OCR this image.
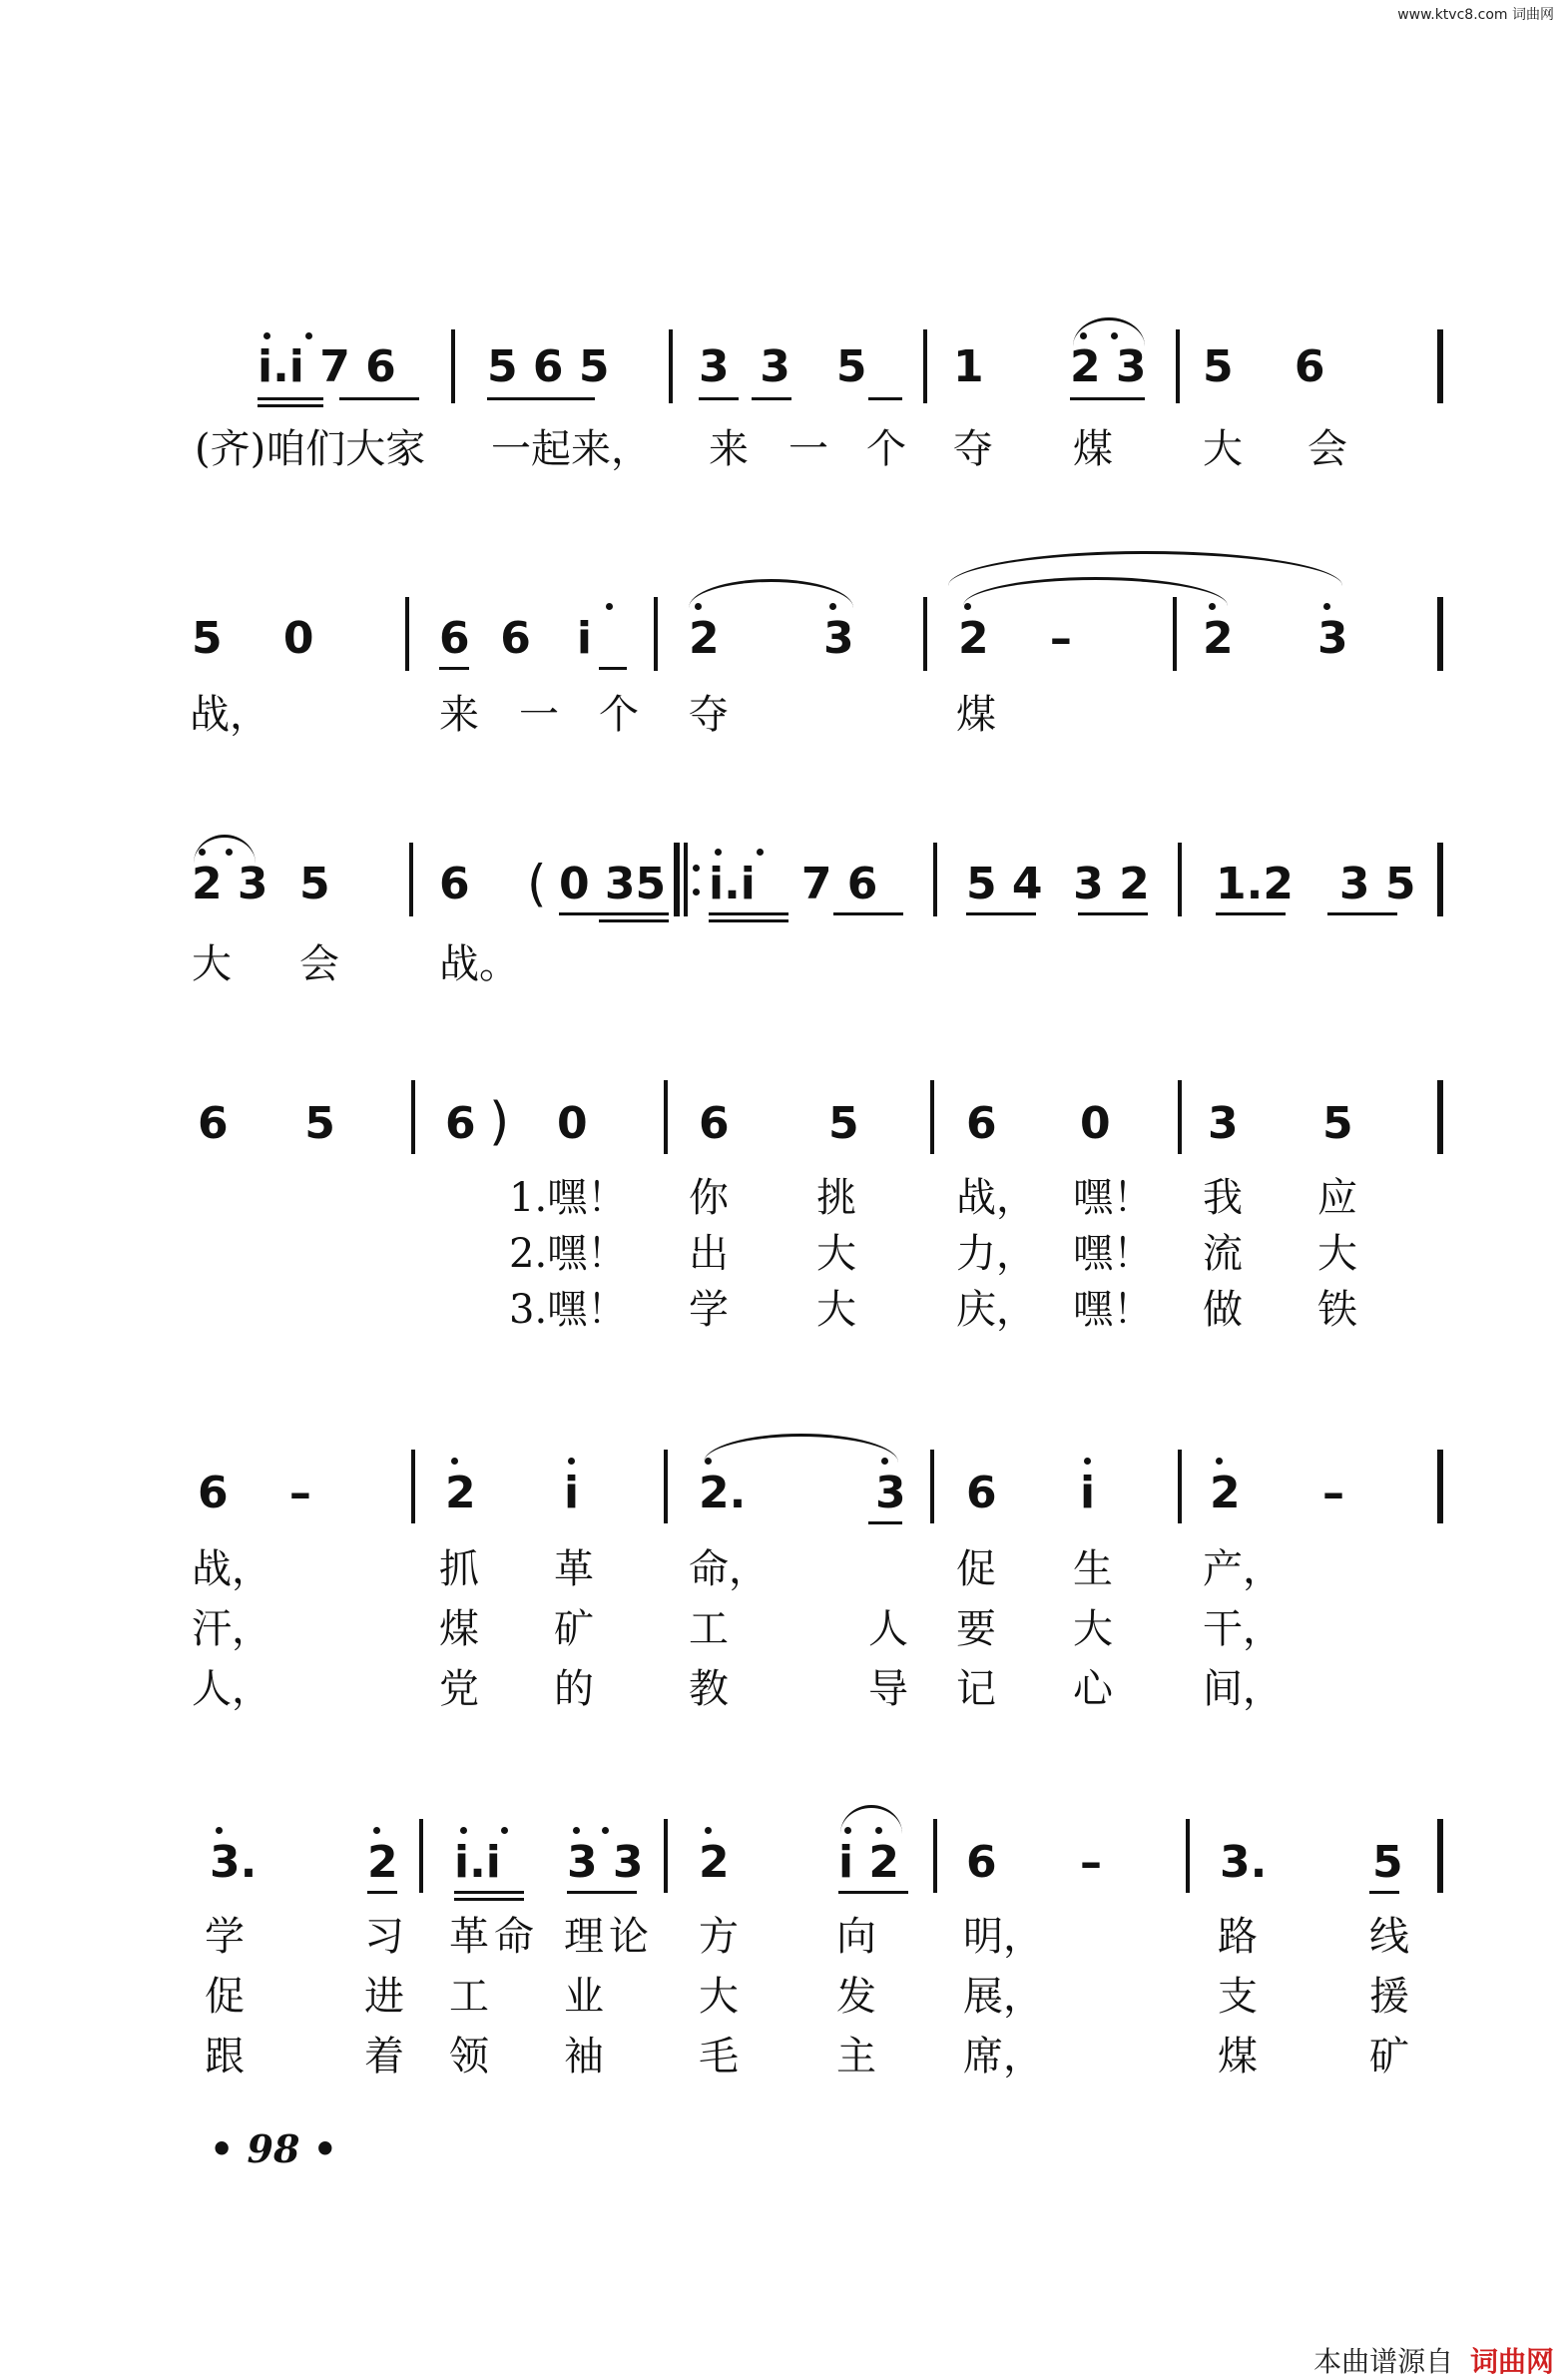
www.ktvc8.com 词曲网
i.i 7 6 5 6 5 3  3   5 1 2 3 5    6
(齐)咱们大家 一起来， 来 一 个 夺 煤 大 会
5    0	6  6   i 2 3 2    –	2 3
战，	来 一 个 夺	煤
2 3 5 6 ( 0 35 i.i   7 6 5 4  3 2 1.2   3 5
大 会	战。
6     5	6 ) 0	6 5 6 0 3 5
1.嘿！ 你 挑	战， 嘿！ 我 应
2.嘿！ 出 大	力， 嘿！ 流 大
3.嘿！ 学 大	庆， 嘿！ 做 铁
6    –	2 i	2.	3 6 i	2 –
战，	抓 革 命，	促 生 产，
汗，	煤 矿 工	人 要 大 干，
人，	党 的 教	导 记 心 间，
3.	2 i.i 3 3 2 i 2 6 –	3. 5
学	习 革 命 理 论 方 向 明，	路	线
促	进 工 业 大 发 展，	支	援
跟	着 领 袖 毛 主 席，	煤	矿
• 98 •
本曲谱源自 词曲网
